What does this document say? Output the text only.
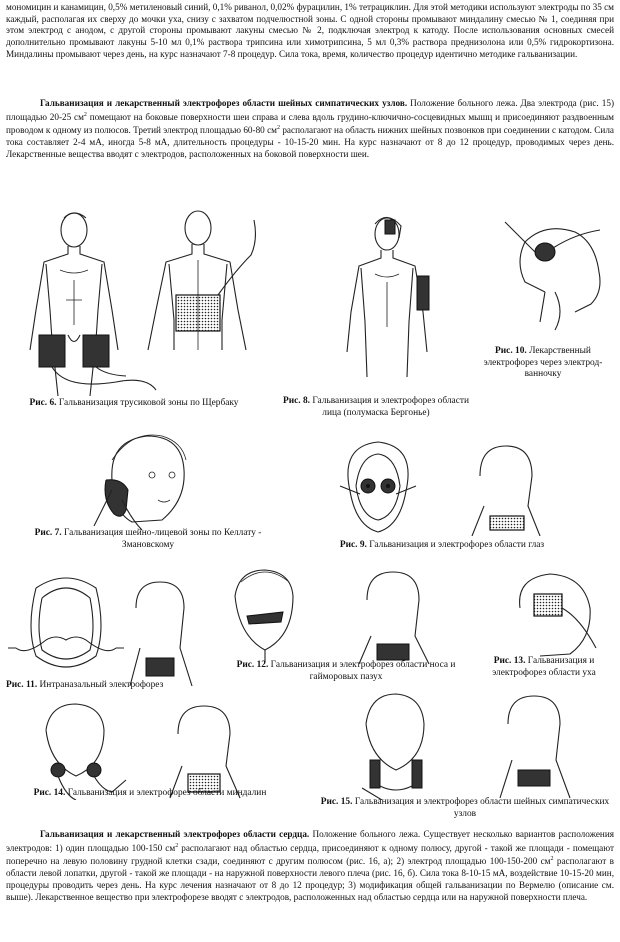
мономицин и канамицин, 0,5% метиленовый синий, 0,1% риванол, 0,02% фурацилин, 1% тетрациклин. Для этой методики используют электроды по 35 см каждый, располагая их сверху до мочки уха, снизу с захватом подчелюстной зоны. С одной стороны промывают миндалину смесью № 1, соединяя при этом электрод с анодом, с другой стороны промывают лакуны смесью № 2, подключая электрод к катоду. После использования основных смесей дополнительно промывают лакуны 5-10 мл 0,1% раствора трипсина или химотрипсина, 5 мл 0,3% раствора преднизолона или 0,5% гидрокортизона. Миндалины промывают через день, на курс назначают 7-8 процедур. Сила тока, время, количество процедур идентично методике гальванизации.

Гальванизация и лекарственный электрофорез области шейных симпатических узлов. Положение больного лежа. Два электрода (рис. 15) площадью 20-25 $см^2$ помещают на боковые поверхности шеи справа и слева вдоль грудино-ключично-сосцевидных мышц и присоединяют раздвоенным проводом к одному из полюсов. Третий электрод площадью 60-80 $см^2$ располагают на область нижних шейных позвонков при соединении с катодом. Сила тока составляет 2-4 мА, иногда 5-8 мА, длительность процедуры - 10-15-20 мин. На курс назначают от 8 до 12 процедур, проводимых через день. Лекарственные вещества вводят с электродов, расположенных на боковой поверхности шеи.

Рис. 6. Гальванизация трусиковой зоны по Щербаку	Рис. 8. Гальванизация и электрофорез области лица (полумаска Бергонье)
Рис. 10. Лекарственный электрофорез через электрод-ванночку
Рис. 7. Гальванизация шейно-лицевой зоны по Келлату - Змановскому	Рис. 9. Гальванизация и электрофорез области глаз
Рис. 11. Интраназальный электрофорез
Рис. 12. Гальванизация и электрофорез области носа и гайморовых пазух
Рис. 13. Гальванизация и электрофорез области уха
Рис. 14. Гальванизация и электрофорез области миндалин
Рис. 15. Гальванизация и электрофорез области шейных симпатических узлов

Гальванизация и лекарственный электрофорез области сердца. Положение больного лежа. Существует несколько вариантов расположения электродов: 1) один площадью 100-150 $см^2$ располагают над областью сердца, присоединяют к одному полюсу, другой - такой же площади - помещают поперечно на левую половину грудной клетки сзади, соединяют с другим полюсом (рис. 16, а); 2) электрод площадью 100-150-200 $см^2$ располагают в области левой лопатки, другой - такой же площади - на наружной поверхности левого плеча (рис. 16, б). Сила тока 8-10-15 мА, воздействие 10-15-20 мин, процедуры проводить через день. На курс лечения назначают от 8 до 12 процедур; 3) модификация общей гальванизации по Вермелю (описание см. выше). Лекарственное вещество при электрофорезе вводят с электродов, расположенных над областью сердца или на наружной поверхности плеча.
